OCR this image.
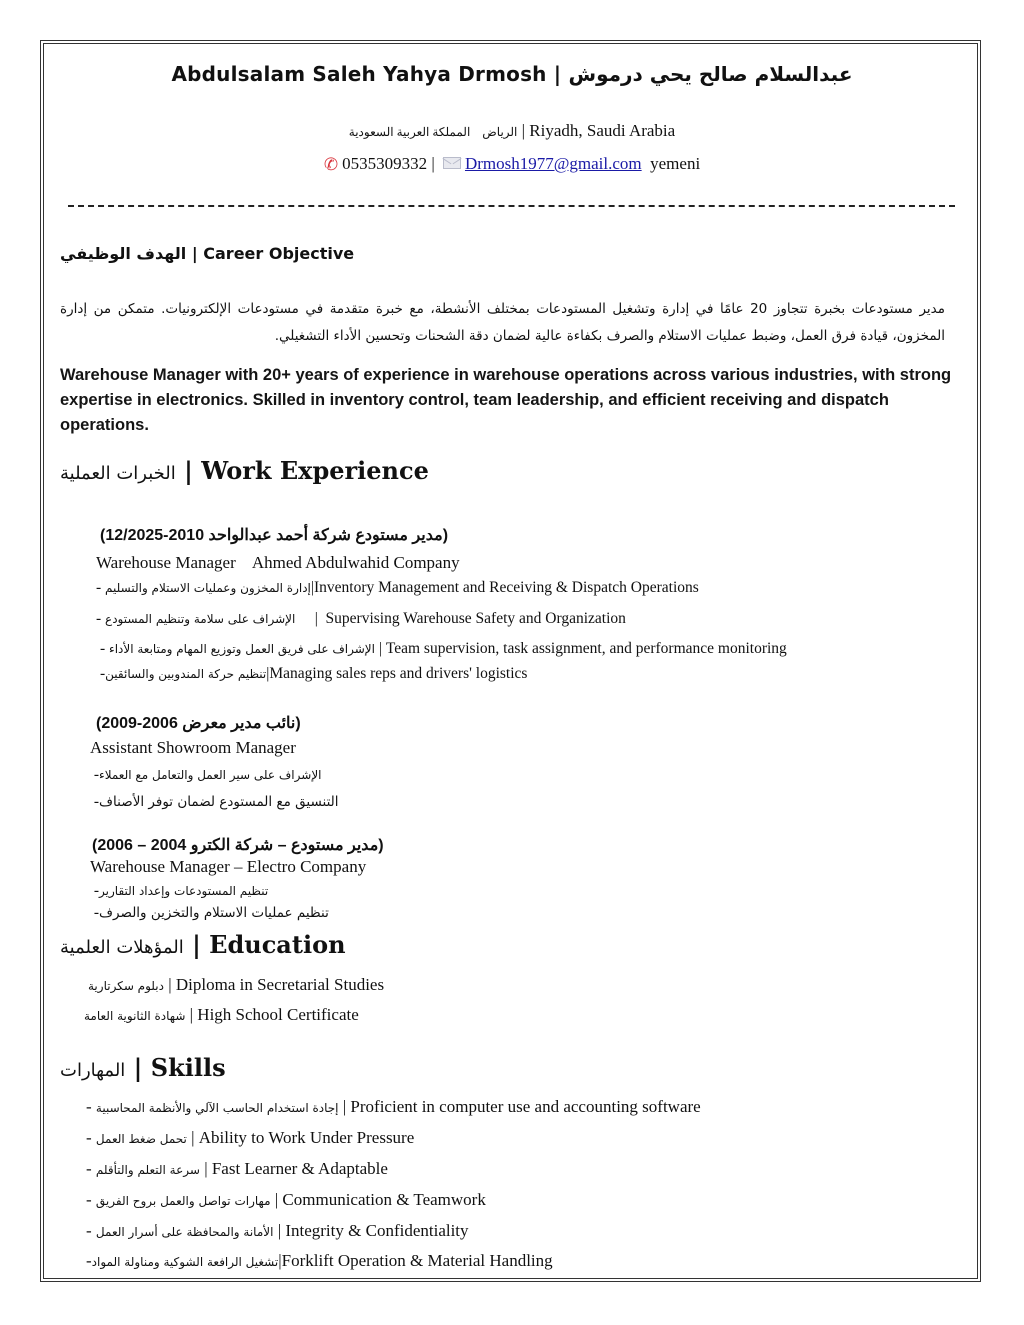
Abdulsalam Saleh Yahya Drmosh | عبدالسلام صالح يحي درموش
الرياض    المملكة العربية السعودية | Riyadh, Saudi Arabia
✆ 0535309332 | Drmosh1977@gmail.com yemeni
الهدف الوظيفي | Career Objective
مدير مستودعات بخبرة تتجاوز 20 عامًا في إدارة وتشغيل المستودعات بمختلف الأنشطة، مع خبرة متقدمة في مستودعات الإلكترونيات. متمكن من إدارة المخزون، قيادة فرق العمل، وضبط عمليات الاستلام والصرف بكفاءة عالية لضمان دقة الشحنات وتحسين الأداء التشغيلي.
Warehouse Manager with 20+ years of experience in warehouse operations across various industries, with strong expertise in electronics. Skilled in inventory control, team leadership, and efficient receiving and dispatch operations.
الخبرات العملية | Work Experience
(مدير مستودع شركة أحمد عبدالواحد 2010-12/2025)
Warehouse Manager    Ahmed Abdulwahid Company
- إدارة المخزون وعمليات الاستلام والتسليم|Inventory Management and Receiving & Dispatch Operations
- الإشراف على سلامة وتنظيم المستودع     |  Supervising Warehouse Safety and Organization
- الإشراف على فريق العمل وتوزيع المهام ومتابعة الأداء | Team supervision, task assignment, and performance monitoring
-تنظيم حركة المندوبين والسائقين|Managing sales reps and drivers' logistics
(نائب مدير معرض 2006-2009)
Assistant Showroom Manager
الإشراف على سير العمل والتعامل مع العملاء-
التنسيق مع المستودع لضمان توفر الأصناف-
(مدير مستودع – شركة الكترو 2004 – 2006)
Warehouse Manager – Electro Company
تنظيم المستودعات وإعداد التقارير-
تنظيم عمليات الاستلام والتخزين والصرف-
المؤهلات العلمية | Education
دبلوم سكرتارية | Diploma in Secretarial Studies
شهادة الثانوية العامة | High School Certificate
المهارات | Skills
- إجادة استخدام الحاسب الآلي والأنظمة المحاسبية | Proficient in computer use and accounting software
- تحمل ضغط العمل | Ability to Work Under Pressure
- سرعة التعلم والتأقلم | Fast Learner & Adaptable
- مهارات تواصل والعمل بروح الفريق | Communication & Teamwork
- الأمانة والمحافظة على أسرار العمل | Integrity & Confidentiality
-تشغيل الرافعة الشوكية ومناولة المواد|Forklift Operation & Material Handling
